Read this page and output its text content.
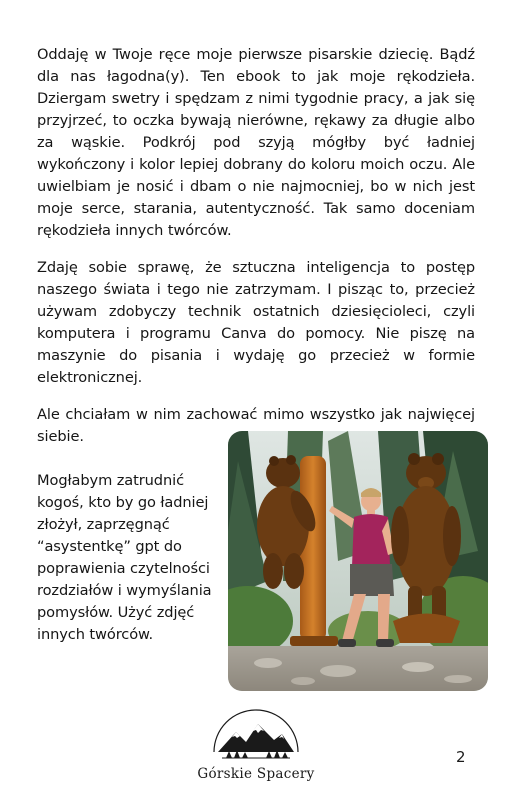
Oddaję w Twoje ręce moje pierwsze pisarskie dziecię. Bądź dla nas łagodna(y). Ten ebook to jak moje rękodzieła. Dziergam swetry i spędzam z nimi tygodnie pracy, a jak się przyjrzeć, to oczka bywają nierówne, rękawy za długie albo za wąskie. Podkrój pod szyją mógłby być ładniej wykończony i kolor lepiej dobrany do koloru moich oczu. Ale uwielbiam je nosić i dbam o nie najmocniej, bo w nich jest moje serce, starania, autentyczność. Tak samo doceniam rękodzieła innych twórców.

Zdaję sobie sprawę, że sztuczna inteligencja to postęp naszego świata i tego nie zatrzymam. I pisząc to, przecież używam zdobyczy technik ostatnich dziesięcioleci, czyli komputera i programu Canva do pomocy. Nie piszę na maszynie do pisania i wydaję go przecież w formie elektronicznej.

Ale chciałam w nim zachować mimo wszystko jak najwięcej siebie.

Mogłabym zatrudnić kogoś, kto by go ładniej złożył, zaprzęgnąć “asystentkę” gpt do poprawienia czytelności rozdziałów i wymyślania pomysłów. Użyć zdjęć innych twórców.

Górskie Spacery
2
